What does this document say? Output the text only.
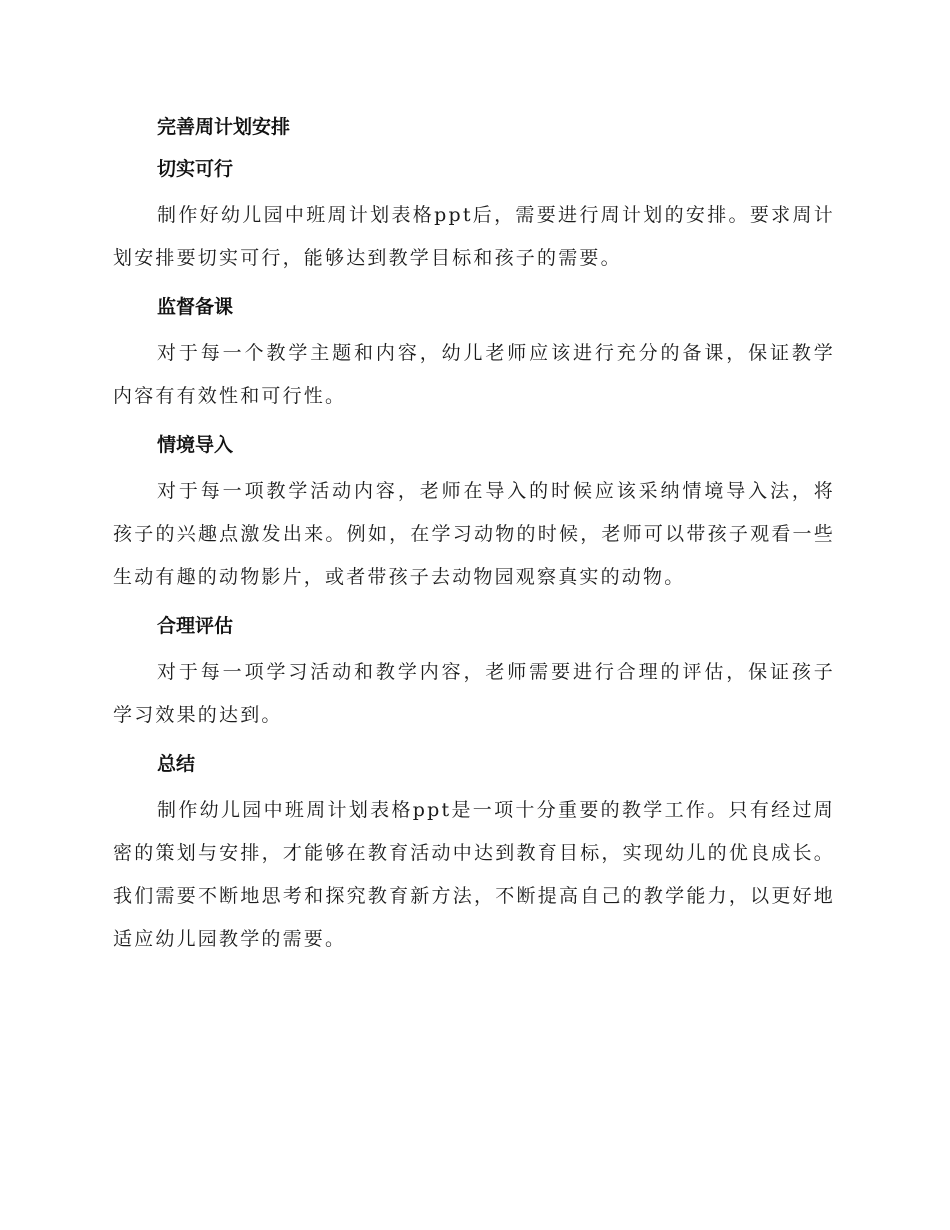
完善周计划安排
切实可行

制作好幼儿园中班周计划表格ppt后，需要进行周计划的安排。要求周计划安排要切实可行，能够达到教学目标和孩子的需要。

监督备课

对于每一个教学主题和内容，幼儿老师应该进行充分的备课，保证教学内容有有效性和可行性。

情境导入

对于每一项教学活动内容，老师在导入的时候应该采纳情境导入法，将孩子的兴趣点激发出来。例如，在学习动物的时候，老师可以带孩子观看一些生动有趣的动物影片，或者带孩子去动物园观察真实的动物。

合理评估

对于每一项学习活动和教学内容，老师需要进行合理的评估，保证孩子学习效果的达到。

总结

制作幼儿园中班周计划表格ppt是一项十分重要的教学工作。只有经过周密的策划与安排，才能够在教育活动中达到教育目标，实现幼儿的优良成长。我们需要不断地思考和探究教育新方法，不断提高自己的教学能力，以更好地适应幼儿园教学的需要。
